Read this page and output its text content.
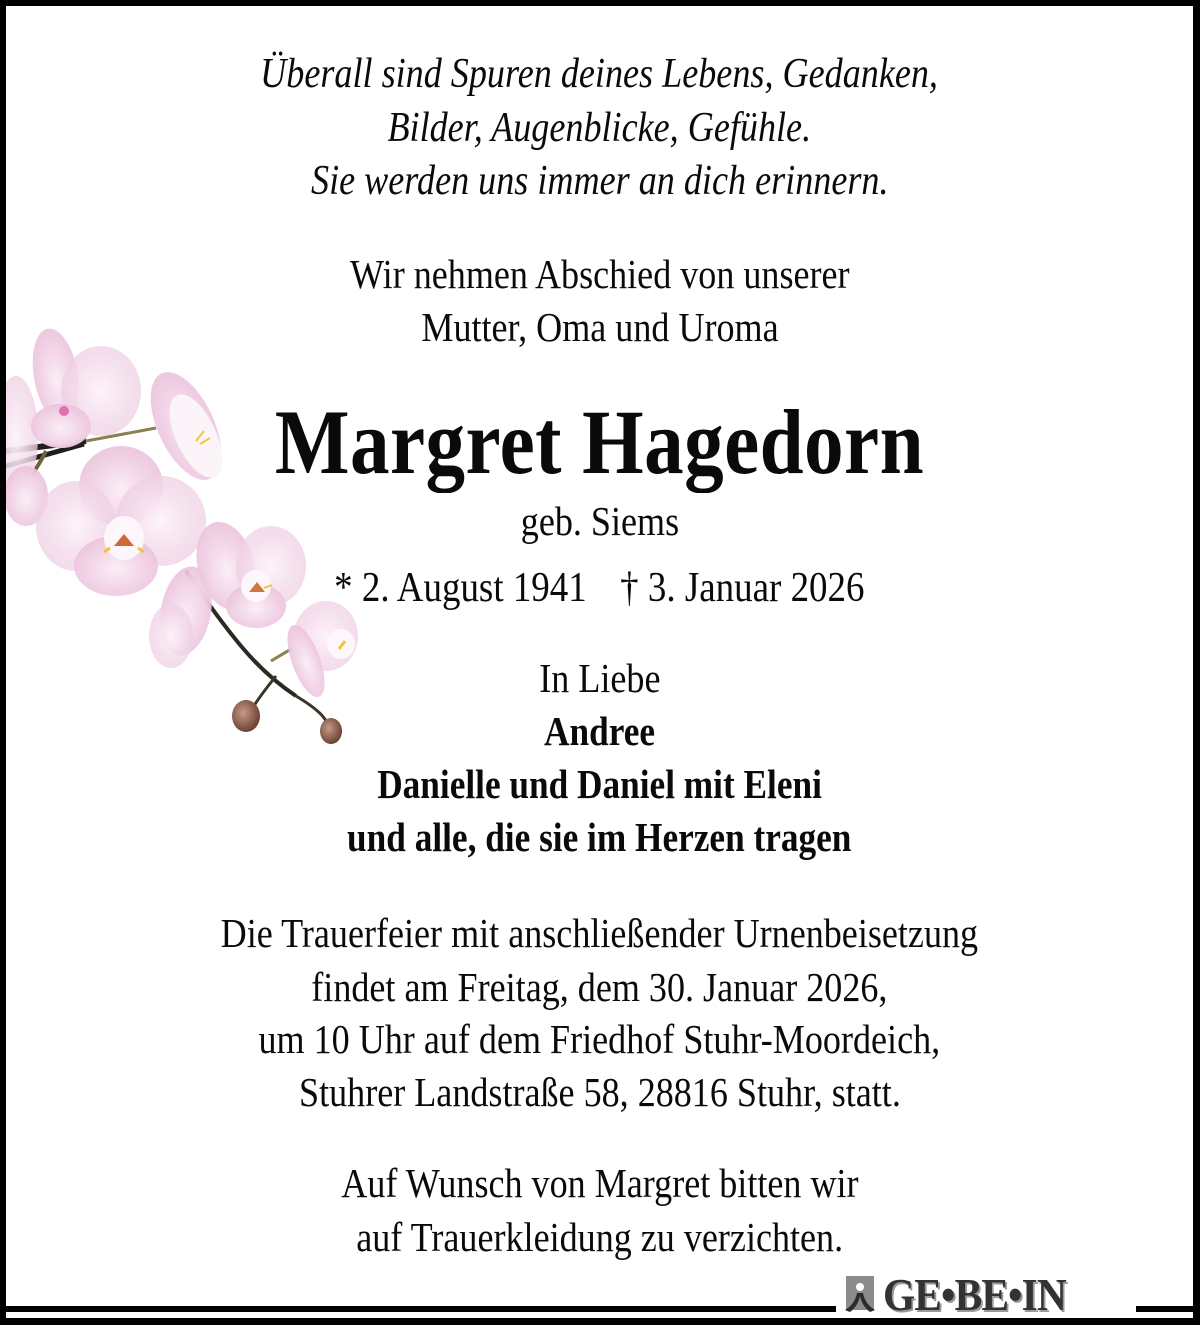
Überall sind Spuren deines Lebens, Gedanken,
Bilder, Augenblicke, Gefühle.
Sie werden uns immer an dich erinnern.
Wir nehmen Abschied von unserer
Mutter, Oma und Uroma
Margret Hagedorn
geb. Siems
* 2. August 1941 † 3. Januar 2026
In Liebe
Andree
Danielle und Daniel mit Eleni
und alle, die sie im Herzen tragen
Die Trauerfeier mit anschließender Urnenbeisetzung
findet am Freitag, dem 30. Januar 2026,
um 10 Uhr auf dem Friedhof Stuhr-Moordeich,
Stuhrer Landstraße 58, 28816 Stuhr, statt.
Auf Wunsch von Margret bitten wir
auf Trauerkleidung zu verzichten.
GE•BE•IN
